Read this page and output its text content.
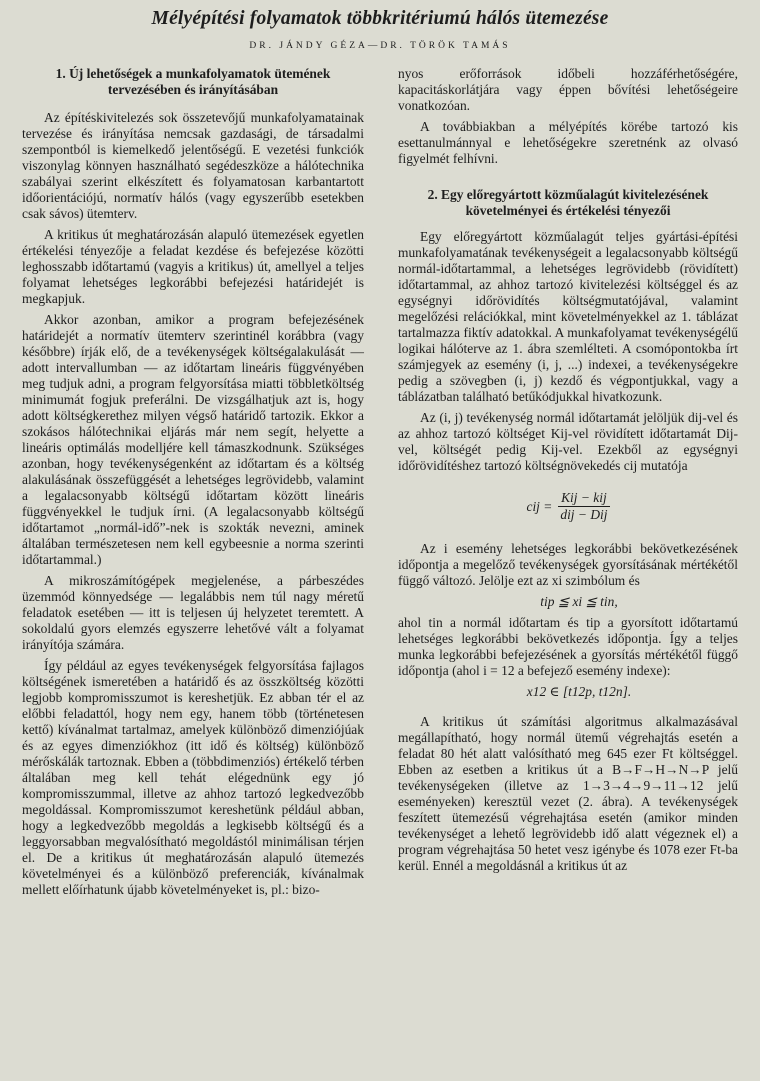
Mélyépítési folyamatok többkritériumú hálós ütemezése
DR. JÁNDY GÉZA—DR. TÖRÖK TAMÁS
1. Új lehetőségek a munkafolyamatok ütemének tervezésében és irányításában

Az építéskivitelezés sok összetevőjű munkafolyamatainak tervezése és irányítása nemcsak gazdasági, de társadalmi szempontból is kiemelkedő jelentőségű. E vezetési funkciók viszonylag könnyen használható segédeszköze a hálótechnika szabályai szerint elkészített és folyamatosan karbantartott időorientációjú, normatív hálós (vagy egyszerűbb esetekben csak sávos) ütemterv.

A kritikus út meghatározásán alapuló ütemezések egyetlen értékelési tényezője a feladat kezdése és befejezése közötti leghosszabb időtartamú (vagyis a kritikus) út, amellyel a teljes folyamat lehetséges legkorábbi befejezési határidejét is megkapjuk.

Akkor azonban, amikor a program befejezésének határidejét a normatív ütemterv szerintinél korábbra (vagy későbbre) írják elő, de a tevékenységek költségalakulását — adott intervallumban — az időtartam lineáris függvényében meg tudjuk adni, a program felgyorsítása miatti többletköltség minimumát fogjuk preferálni. De vizsgálhatjuk azt is, hogy adott költségkerethez milyen végső határidő tartozik. Ekkor a szokásos hálótechnikai eljárás már nem segít, helyette a lineáris optimálás modelljére kell támaszkodnunk. Szükséges azonban, hogy tevékenységenként az időtartam és a költség alakulásának összefüggését a lehetséges legrövidebb, valamint a legalacsonyabb költségű időtartam között lineáris függvényekkel le tudjuk írni. (A legalacsonyabb költségű időtartamot „normál-idő”-nek is szokták nevezni, aminek általában természetesen nem kell egybeesnie a norma szerinti időtartammal.)

A mikroszámítógépek megjelenése, a párbeszédes üzemmód könnyedsége — legalábbis nem túl nagy méretű feladatok esetében — itt is teljesen új helyzetet teremtett. A sokoldalú gyors elemzés egyszerre lehetővé vált a folyamat irányítója számára.

Így például az egyes tevékenységek felgyorsítása fajlagos költségének ismeretében a határidő és az összköltség közötti legjobb kompromisszumot is kereshetjük. Ez abban tér el az előbbi feladattól, hogy nem egy, hanem több (történetesen kettő) kívánalmat tartalmaz, amelyek különböző dimenziójúak és az egyes dimenziókhoz (itt idő és költség) különböző mérőskálák tartoznak. Ebben a (többdimenziós) értékelő térben általában meg kell tehát elégednünk egy jó kompromisszummal, illetve az ahhoz tartozó legkedvezőbb megoldással. Kompromisszumot kereshetünk például abban, hogy a legkedvezőbb megoldás a legkisebb költségű és a leggyorsabban megvalósítható megoldástól minimálisan térjen el. De a kritikus út meghatározásán alapuló ütemezés követelményei és a különböző preferenciák, kívánalmak mellett előírhatunk újabb követelményeket is, pl.: bizo-

nyos erőforrások időbeli hozzáférhetőségére, kapacitáskorlátjára vagy éppen bővítési lehetőségeire vonatkozóan.

A továbbiakban a mélyépítés körébe tartozó kis esettanulmánnyal e lehetőségekre szeretnénk az olvasó figyelmét felhívni.

2. Egy előregyártott közműalagút kivitelezésének követelményei és értékelési tényezői

Egy előregyártott közműalagút teljes gyártási-építési munkafolyamatának tevékenységeit a legalacsonyabb költségű normál-időtartammal, a lehetséges legrövidebb (rövidített) időtartammal, az ahhoz tartozó kivitelezési költséggel és az egységnyi időrövidítés költségmutatójával, valamint megelőzési relációkkal, mint követelményekkel az 1. táblázat tartalmazza fiktív adatokkal. A munkafolyamat tevékenységélű logikai hálóterve az 1. ábra szemlélteti. A csomópontokba írt számjegyek az esemény (i, j, ...) indexei, a tevékenységekre pedig a szövegben (i, j) kezdő és végpontjukkal, vagy a táblázatban található betűkódjukkal hivatkozunk.

Az (i, j) tevékenység normál időtartamát jelöljük dij-vel és az ahhoz tartozó költséget Kij-vel rövidített időtartamát Dij-vel, költségét pedig Kij-vel. Ezekből az egységnyi időrövidítéshez tartozó költségnövekedés cij mutatója

cij = $\frac{\text{Kij − kij}}{\text{dij − Dij}}$

Az i esemény lehetséges legkorábbi bekövetkezésének időpontja a megelőző tevékenységek gyorsításának mértékétől függő változó. Jelölje ezt az xi szimbólum és

tip ≦ xi ≦ tin,

ahol tin a normál időtartam és tip a gyorsított időtartamú lehetséges legkorábbi bekövetkezés időpontja. Így a teljes munka legkorábbi befejezésének a gyorsítás mértékétől függő időpontja (ahol i = 12 a befejező esemény indexe):

x12 ∈ [t12p, t12n].

A kritikus út számítási algoritmus alkalmazásával megállapítható, hogy normál ütemű végrehajtás esetén a feladat 80 hét alatt valósítható meg 645 ezer Ft költséggel. Ebben az esetben a kritikus út a B→F→H→N→P jelű tevékenységeken (illetve az 1→3→4→9→11→12 jelű eseményeken) keresztül vezet (2. ábra). A tevékenységek feszített ütemezésű végrehajtása esetén (amikor minden tevékenységet a lehető legrövidebb idő alatt végeznek el) a program végrehajtása 50 hetet vesz igénybe és 1078 ezer Ft-ba kerül. Ennél a megoldásnál a kritikus út az
